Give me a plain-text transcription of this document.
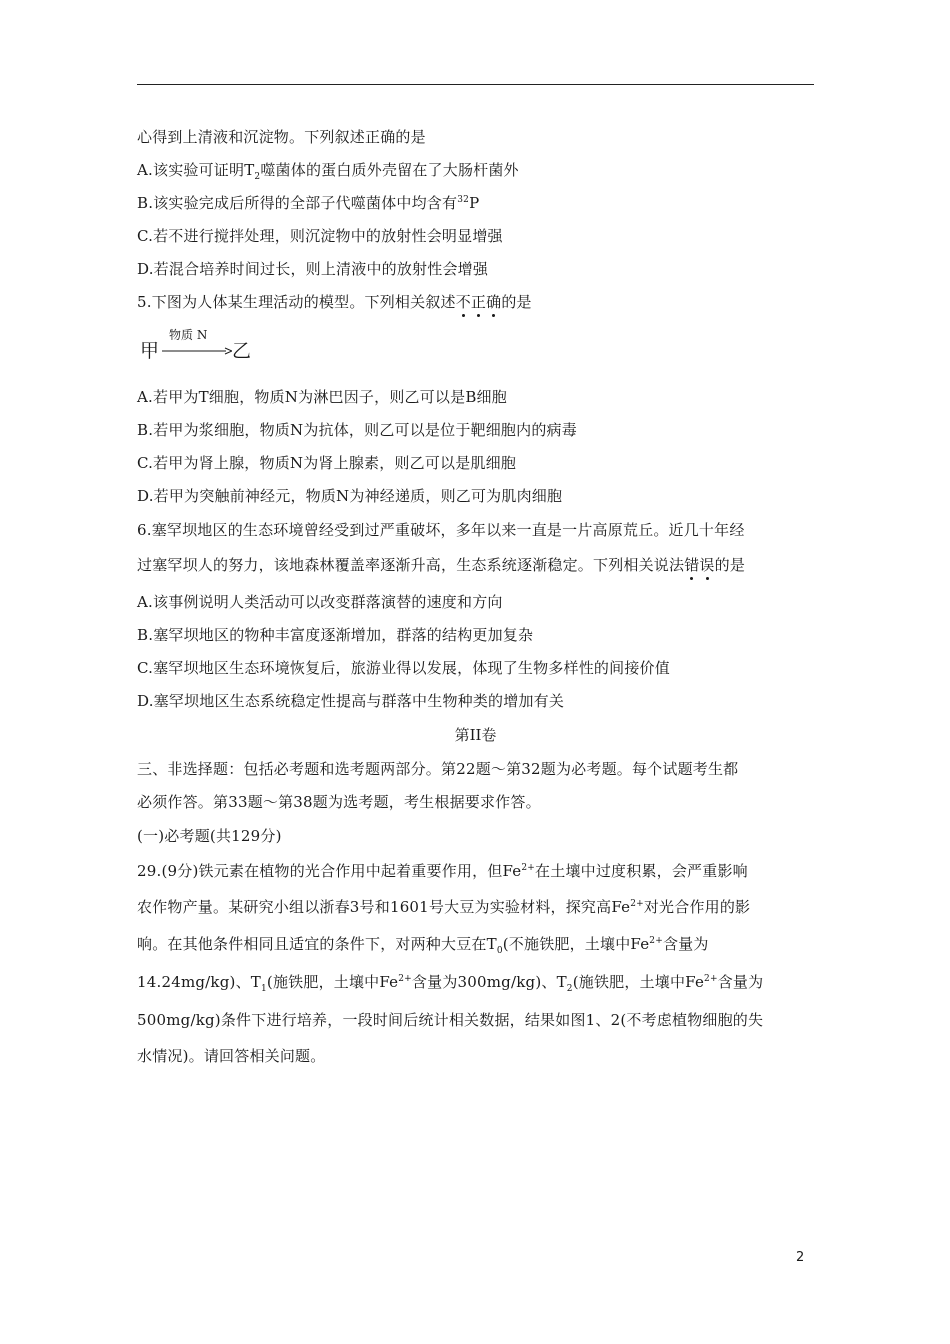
心得到上清液和沉淀物。下列叙述正确的是
A.该实验可证明$T_2$噬菌体的蛋白质外壳留在了大肠杆菌外
B.该实验完成后所得的全部子代噬菌体中均含有$^{32}$P
C.若不进行搅拌处理，则沉淀物中的放射性会明显增强
D.若混合培养时间过长，则上清液中的放射性会增强
5.下图为人体某生理活动的模型。下列相关叙述不正确的是
甲
物质 N
乙
A.若甲为T细胞，物质N为淋巴因子，则乙可以是B细胞
B.若甲为浆细胞，物质N为抗体，则乙可以是位于靶细胞内的病毒
C.若甲为肾上腺，物质N为肾上腺素，则乙可以是肌细胞
D.若甲为突触前神经元，物质N为神经递质，则乙可为肌肉细胞
6.塞罕坝地区的生态环境曾经受到过严重破坏，多年以来一直是一片高原荒丘。近几十年经
过塞罕坝人的努力，该地森林覆盖率逐渐升高，生态系统逐渐稳定。下列相关说法错误的是
A.该事例说明人类活动可以改变群落演替的速度和方向
B.塞罕坝地区的物种丰富度逐渐增加，群落的结构更加复杂
C.塞罕坝地区生态环境恢复后，旅游业得以发展，体现了生物多样性的间接价值
D.塞罕坝地区生态系统稳定性提高与群落中生物种类的增加有关
第II卷
三、非选择题：包括必考题和选考题两部分。第22题～第32题为必考题。每个试题考生都
必须作答。第33题～第38题为选考题，考生根据要求作答。
(一)必考题(共129分)
29.(9分)铁元素在植物的光合作用中起着重要作用，但$Fe^{2+}$在土壤中过度积累，会严重影响
农作物产量。某研究小组以浙春3号和1601号大豆为实验材料，探究高$Fe^{2+}$对光合作用的影
响。在其他条件相同且适宜的条件下，对两种大豆在$T_0$(不施铁肥，土壤中$Fe^{2+}$含量为
14.24mg/kg)、$T_1$(施铁肥，土壤中$Fe^{2+}$含量为300mg/kg)、$T_2$(施铁肥，土壤中$Fe^{2+}$含量为
500mg/kg)条件下进行培养，一段时间后统计相关数据，结果如图1、2(不考虑植物细胞的失
水情况)。请回答相关问题。
2
